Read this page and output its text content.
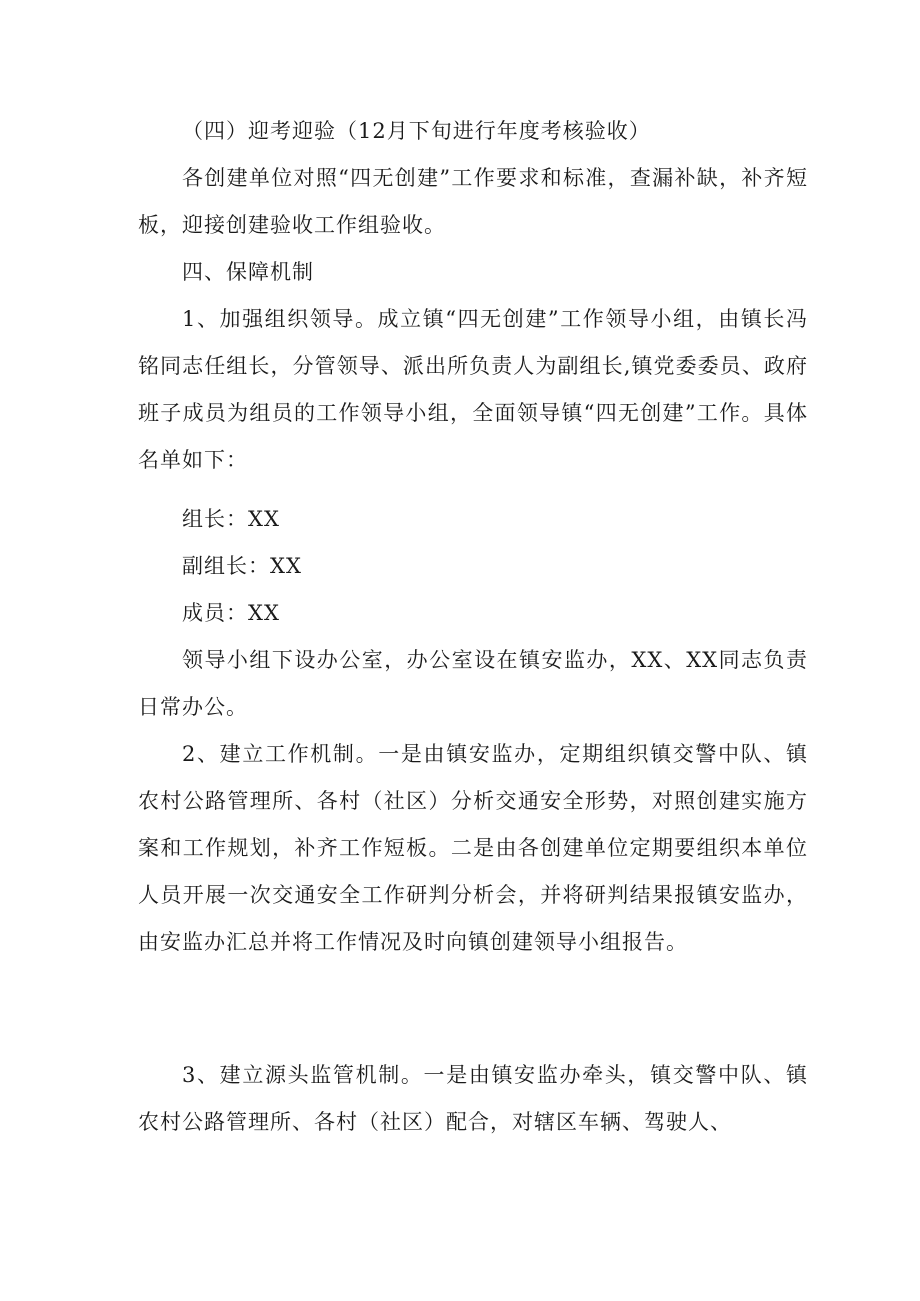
（四）迎考迎验（12月下旬进行年度考核验收）

各创建单位对照“四无创建”工作要求和标准，查漏补缺，补齐短板，迎接创建验收工作组验收。

四、保障机制

1、加强组织领导。成立镇“四无创建”工作领导小组，由镇长冯铭同志任组长，分管领导、派出所负责人为副组长,镇党委委员、政府班子成员为组员的工作领导小组，全面领导镇“四无创建”工作。具体名单如下：

组长：XX

副组长：XX

成员：XX

领导小组下设办公室，办公室设在镇安监办，XX、XX同志负责日常办公。

2、建立工作机制。一是由镇安监办，定期组织镇交警中队、镇农村公路管理所、各村（社区）分析交通安全形势，对照创建实施方案和工作规划，补齐工作短板。二是由各创建单位定期要组织本单位人员开展一次交通安全工作研判分析会，并将研判结果报镇安监办，由安监办汇总并将工作情况及时向镇创建领导小组报告。

3、建立源头监管机制。一是由镇安监办牵头，镇交警中队、镇农村公路管理所、各村（社区）配合，对辖区车辆、驾驶人、
